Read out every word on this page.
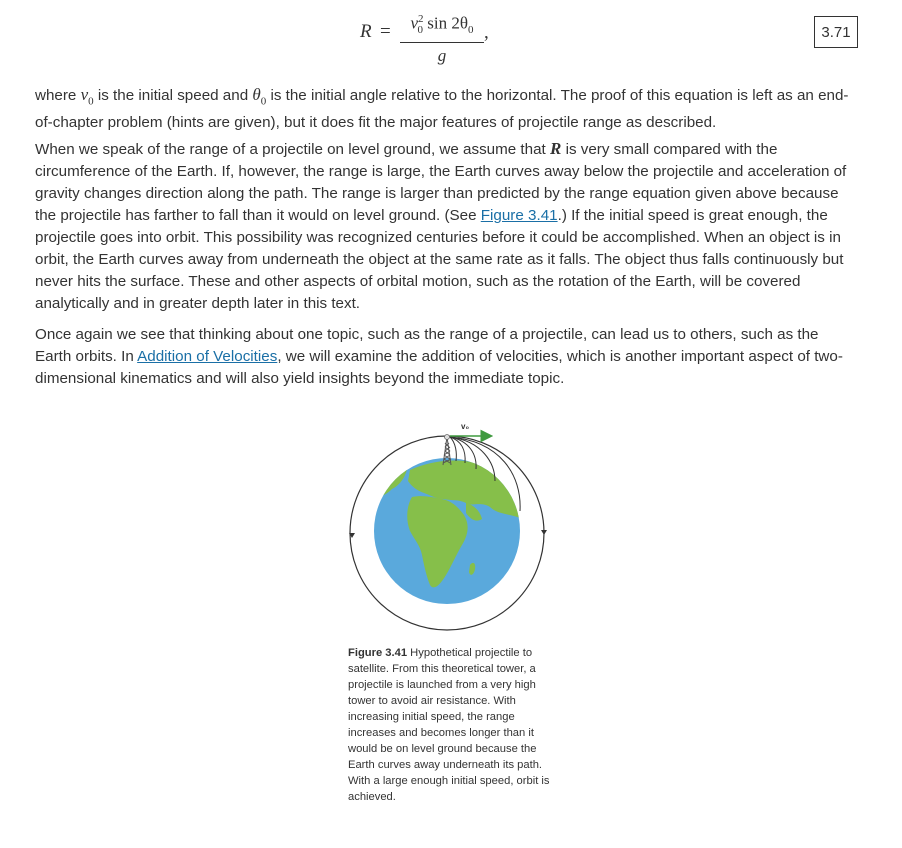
R =	$v^2_0$ $\sin 2\theta_0$
g
,	3.71

where $v_0$ is the initial speed and $\theta_0$ is the initial angle relative to the horizontal. The proof of this equation is left as an end-of-chapter problem (hints are given), but it does fit the major features of projectile range as described.

When we speak of the range of a projectile on level ground, we assume that R is very small compared with the circumference of the Earth. If, however, the range is large, the Earth curves away below the projectile and acceleration of gravity changes direction along the path. The range is larger than predicted by the range equation given above because the projectile has farther to fall than it would on level ground. (See Figure 3.41.) If the initial speed is great enough, the projectile goes into orbit. This possibility was recognized centuries before it could be accomplished. When an object is in orbit, the Earth curves away from underneath the object at the same rate as it falls. The object thus falls continuously but never hits the surface. These and other aspects of orbital motion, such as the rotation of the Earth, will be covered analytically and in greater depth later in this text.

Once again we see that thinking about one topic, such as the range of a projectile, can lead us to others, such as the Earth orbits. In Addition of Velocities, we will examine the addition of velocities, which is another important aspect of two-dimensional kinematics and will also yield insights beyond the immediate topic.

v₀

Figure 3.41 Hypothetical projectile to satellite. From this theoretical tower, a projectile is launched from a very high tower to avoid air resistance. With increasing initial speed, the range increases and becomes longer than it would be on level ground because the Earth curves away underneath its path. With a large enough initial speed, orbit is achieved.
